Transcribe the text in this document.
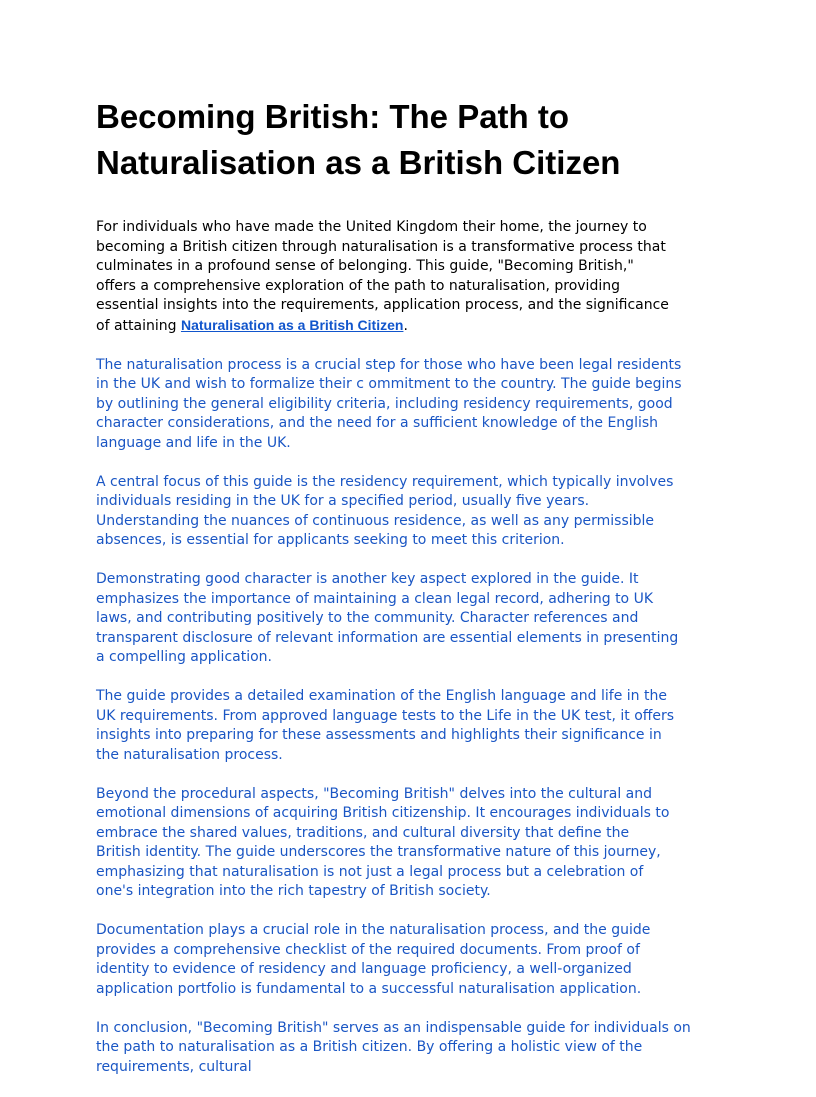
Becoming British: The Path to Naturalisation as a British Citizen

For individuals who have made the United Kingdom their home, the journey to
becoming a British citizen through naturalisation is a transformative process that
culminates in a profound sense of belonging. This guide, "Becoming British,"
offers a comprehensive exploration of the path to naturalisation, providing
essential insights into the requirements, application process, and the significance
of attaining Naturalisation as a British Citizen.

The naturalisation process is a crucial step for those who have been legal residents
in the UK and wish to formalize their c ommitment to the country. The guide begins
by outlining the general eligibility criteria, including residency requirements, good
character considerations, and the need for a sufficient knowledge of the English
language and life in the UK.

A central focus of this guide is the residency requirement, which typically involves
individuals residing in the UK for a specified period, usually five years.
Understanding the nuances of continuous residence, as well as any permissible
absences, is essential for applicants seeking to meet this criterion.

Demonstrating good character is another key aspect explored in the guide. It
emphasizes the importance of maintaining a clean legal record, adhering to UK
laws, and contributing positively to the community. Character references and
transparent disclosure of relevant information are essential elements in presenting
a compelling application.

The guide provides a detailed examination of the English language and life in the
UK requirements. From approved language tests to the Life in the UK test, it offers
insights into preparing for these assessments and highlights their significance in
the naturalisation process.

Beyond the procedural aspects, "Becoming British" delves into the cultural and
emotional dimensions of acquiring British citizenship. It encourages individuals to
embrace the shared values, traditions, and cultural diversity that define the
British identity. The guide underscores the transformative nature of this journey,
emphasizing that naturalisation is not just a legal process but a celebration of
one's integration into the rich tapestry of British society.

Documentation plays a crucial role in the naturalisation process, and the guide
provides a comprehensive checklist of the required documents. From proof of
identity to evidence of residency and language proficiency, a well-organized
application portfolio is fundamental to a successful naturalisation application.

In conclusion, "Becoming British" serves as an indispensable guide for individuals on
the path to naturalisation as a British citizen. By offering a holistic view of the
requirements, cultural
